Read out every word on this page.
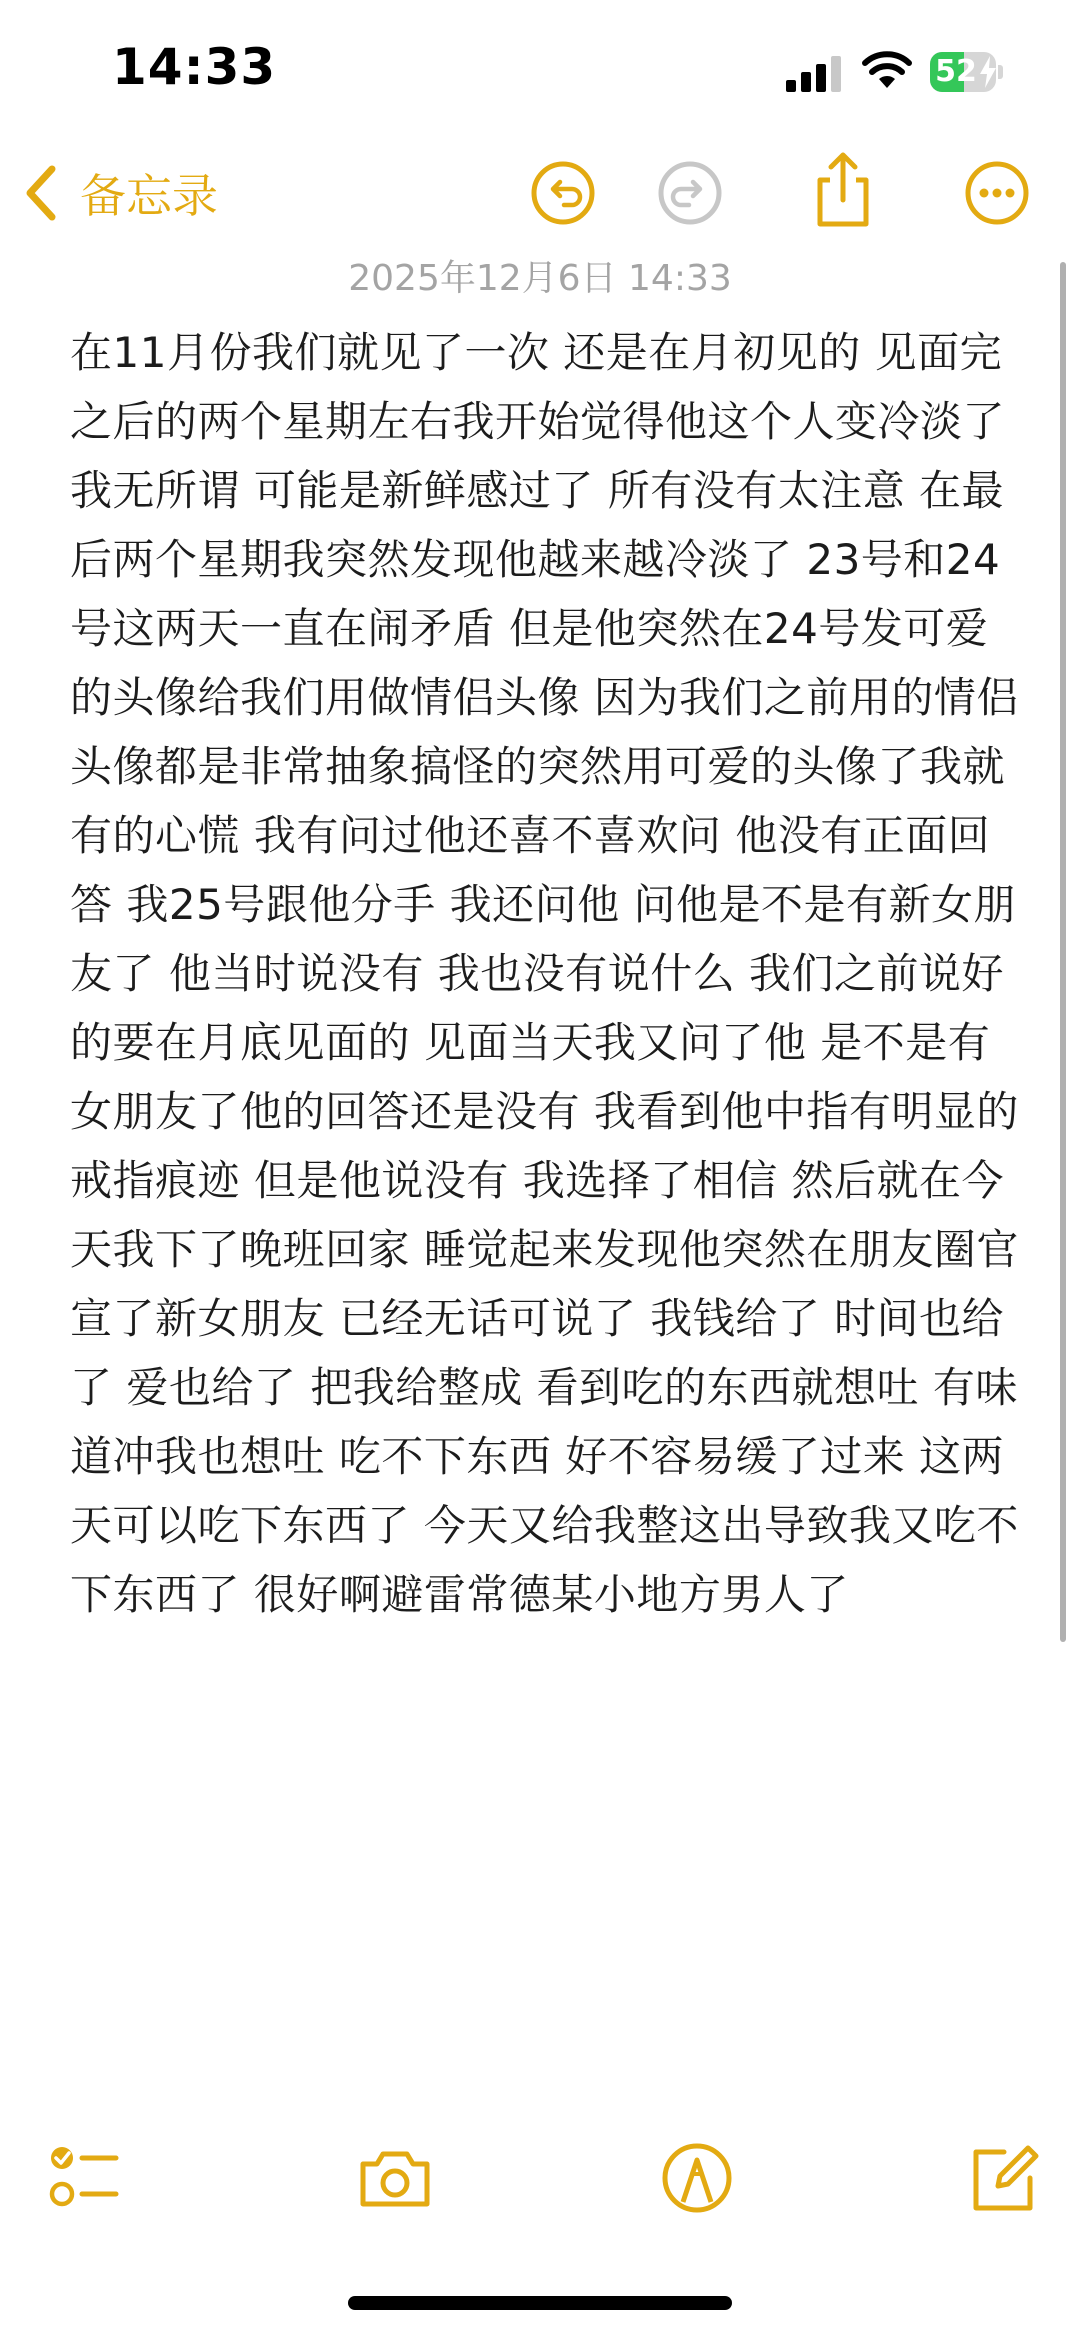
14:33	52
备忘录
2025年12月6日 14:33
在11月份我们就见了一次 还是在月初见的 见面完之后的两个星期左右我开始觉得他这个人变冷淡了 我无所谓 可能是新鲜感过了 所有没有太注意 在最后两个星期我突然发现他越来越冷淡了 23号和24号这两天一直在闹矛盾 但是他突然在24号发可爱的头像给我们用做情侣头像 因为我们之前用的情侣头像都是非常抽象搞怪的突然用可爱的头像了我就有的心慌 我有问过他还喜不喜欢问 他没有正面回答 我25号跟他分手 我还问他 问他是不是有新女朋友了 他当时说没有 我也没有说什么 我们之前说好的要在月底见面的 见面当天我又问了他 是不是有女朋友了他的回答还是没有 我看到他中指有明显的戒指痕迹 但是他说没有 我选择了相信 然后就在今天我下了晚班回家 睡觉起来发现他突然在朋友圈官宣了新女朋友 已经无话可说了 我钱给了 时间也给了 爱也给了 把我给整成 看到吃的东西就想吐 有味道冲我也想吐 吃不下东西 好不容易缓了过来 这两天可以吃下东西了 今天又给我整这出导致我又吃不下东西了 很好啊避雷常德某小地方男人了
